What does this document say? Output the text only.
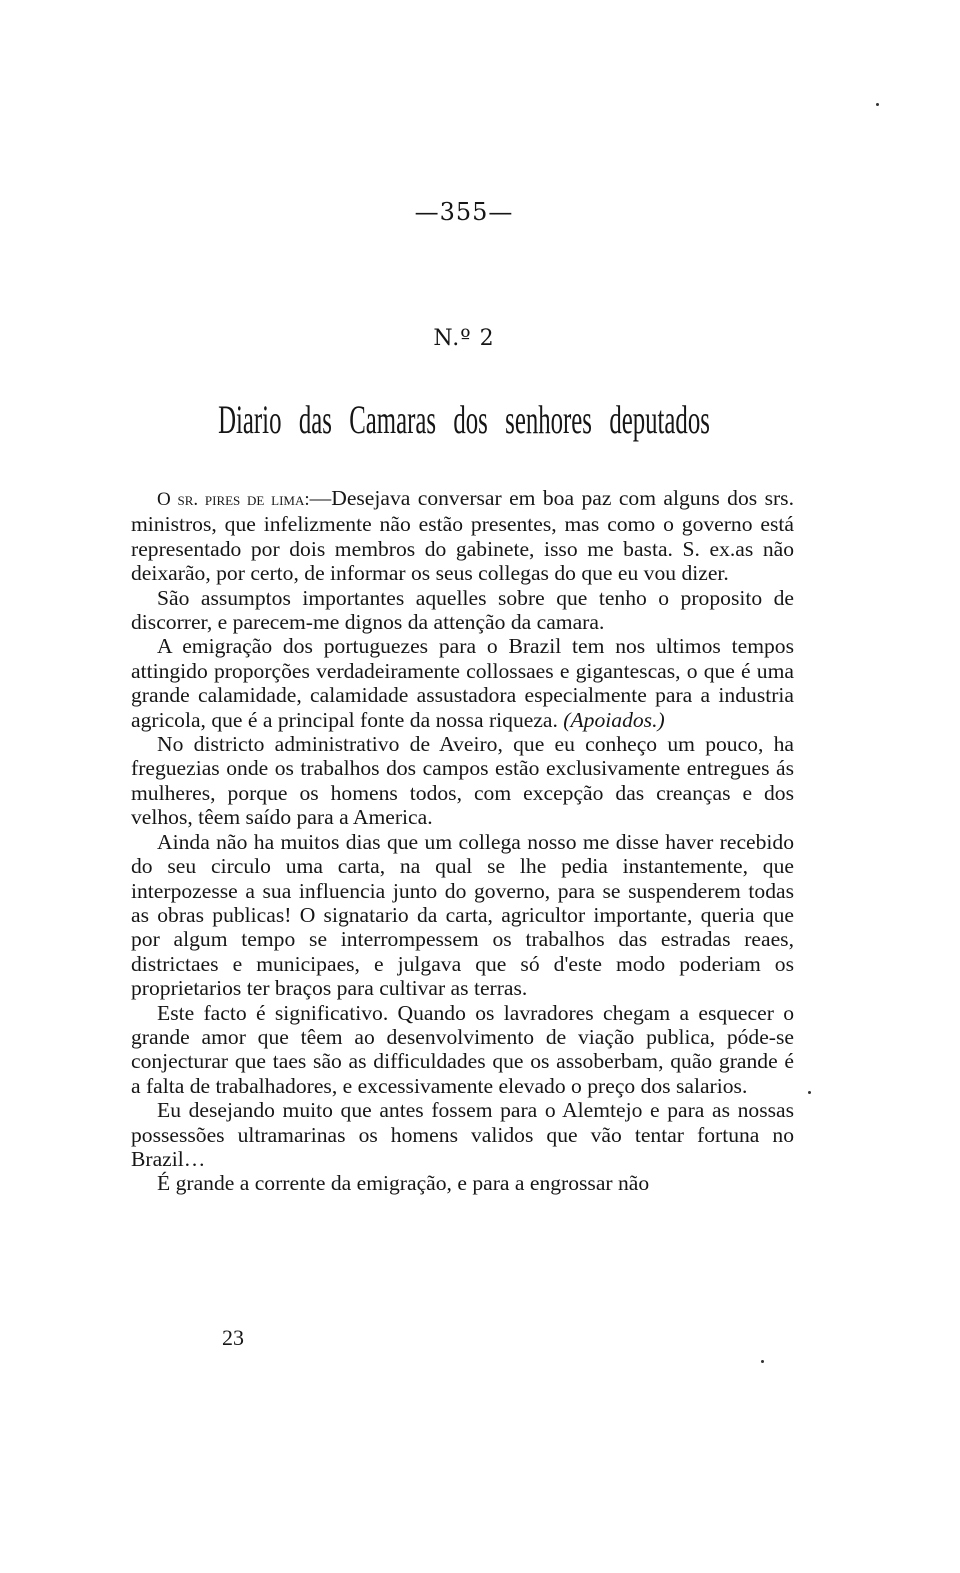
—355—
N.º 2
Diario das Camaras dos senhores deputados

O sr. pires de lima:—Desejava conversar em boa paz com alguns dos srs. ministros, que infelizmente não estão presentes, mas como o governo está representado por dois membros do gabinete, isso me basta. S. ex.as não deixarão, por certo, de informar os seus collegas do que eu vou dizer.

São assumptos importantes aquelles sobre que tenho o proposito de discorrer, e parecem-me dignos da attenção da camara.

A emigração dos portuguezes para o Brazil tem nos ultimos tempos attingido proporções verdadeiramente collossaes e gigantescas, o que é uma grande calamidade, calamidade assustadora especialmente para a industria agricola, que é a principal fonte da nossa riqueza. (Apoiados.)

No districto administrativo de Aveiro, que eu conheço um pouco, ha freguezias onde os trabalhos dos campos estão exclusivamente entregues ás mulheres, porque os homens todos, com excepção das creanças e dos velhos, têem saído para a America.

Ainda não ha muitos dias que um collega nosso me disse haver recebido do seu circulo uma carta, na qual se lhe pedia instantemente, que interpozesse a sua influencia junto do governo, para se suspenderem todas as obras publicas! O signatario da carta, agricultor importante, queria que por algum tempo se interrompessem os trabalhos das estradas reaes, districtaes e municipaes, e julgava que só d'este modo poderiam os proprietarios ter braços para cultivar as terras.

Este facto é significativo. Quando os lavradores chegam a esquecer o grande amor que têem ao desenvolvimento de viação publica, póde-se conjecturar que taes são as difficuldades que os assoberbam, quão grande é a falta de trabalhadores, e excessivamente elevado o preço dos salarios.

Eu desejando muito que antes fossem para o Alemtejo e para as nossas possessões ultramarinas os homens validos que vão tentar fortuna no Brazil…

É grande a corrente da emigração, e para a engrossar não

23
